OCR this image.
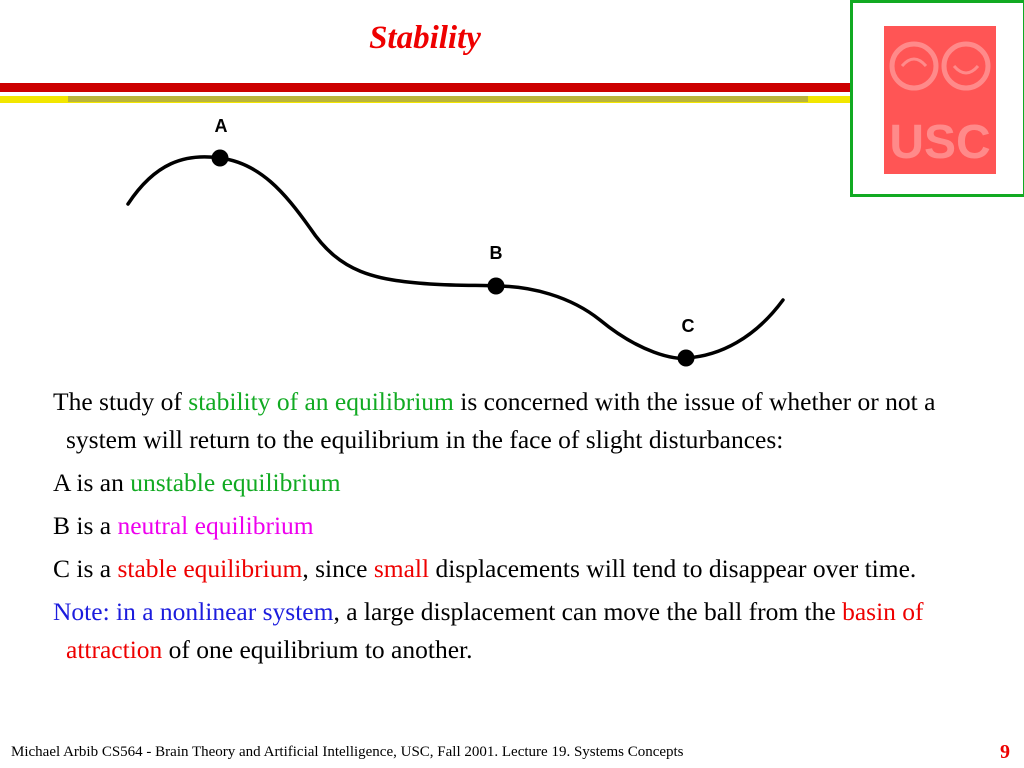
Stability
USC
A
B
C

The study of stability of an equilibrium is concerned with the issue of whether or not a system will return to the equilibrium in the face of slight disturbances:

A is an unstable equilibrium

B is a neutral equilibrium

C is a stable equilibrium, since small displacements will tend to disappear over time.

Note: in a nonlinear system, a large displacement can move the ball from the basin of attraction of one equilibrium to another.

Michael Arbib CS564 - Brain Theory and Artificial Intelligence, USC, Fall 2001. Lecture 19. Systems Concepts	9
